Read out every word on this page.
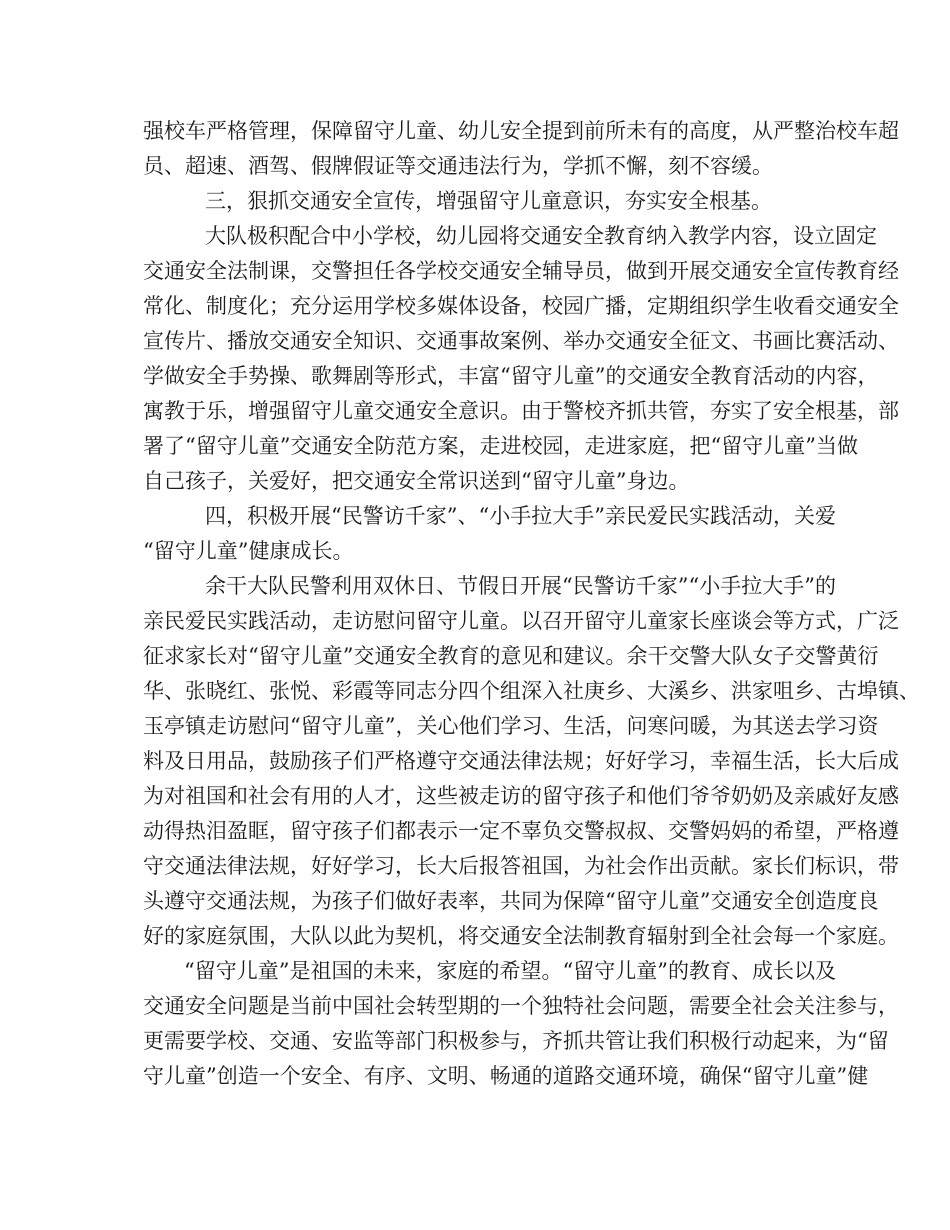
强校车严格管理，保障留守儿童、幼儿安全提到前所未有的高度，从严整治校车超
员、超速、酒驾、假牌假证等交通违法行为，学抓不懈，刻不容缓。
三，狠抓交通安全宣传，增强留守儿童意识，夯实安全根基。
大队极积配合中小学校，幼儿园将交通安全教育纳入教学内容，设立固定
交通安全法制课，交警担任各学校交通安全辅导员，做到开展交通安全宣传教育经
常化、制度化；充分运用学校多媒体设备，校园广播，定期组织学生收看交通安全
宣传片、播放交通安全知识、交通事故案例、举办交通安全征文、书画比赛活动、
学做安全手势操、歌舞剧等形式，丰富“留守儿童”的交通安全教育活动的内容，
寓教于乐，增强留守儿童交通安全意识。由于警校齐抓共管，夯实了安全根基，部
署了“留守儿童”交通安全防范方案，走进校园，走进家庭，把“留守儿童”当做
自己孩子，关爱好，把交通安全常识送到“留守儿童”身边。
四，积极开展“民警访千家”、“小手拉大手”亲民爱民实践活动，关爱
“留守儿童”健康成长。
余干大队民警利用双休日、节假日开展“民警访千家”“小手拉大手”的
亲民爱民实践活动，走访慰问留守儿童。以召开留守儿童家长座谈会等方式，广泛
征求家长对“留守儿童”交通安全教育的意见和建议。余干交警大队女子交警黄衍
华、张晓红、张悦、彩霞等同志分四个组深入社庚乡、大溪乡、洪家咀乡、古埠镇、
玉亭镇走访慰问“留守儿童”，关心他们学习、生活，问寒问暖，为其送去学习资
料及日用品，鼓励孩子们严格遵守交通法律法规；好好学习，幸福生活，长大后成
为对祖国和社会有用的人才，这些被走访的留守孩子和他们爷爷奶奶及亲戚好友感
动得热泪盈眶，留守孩子们都表示一定不辜负交警叔叔、交警妈妈的希望，严格遵
守交通法律法规，好好学习，长大后报答祖国，为社会作出贡献。家长们标识，带
头遵守交通法规，为孩子们做好表率，共同为保障“留守儿童”交通安全创造度良
好的家庭氛围，大队以此为契机，将交通安全法制教育辐射到全社会每一个家庭。
“留守儿童”是祖国的未来，家庭的希望。“留守儿童”的教育、成长以及
交通安全问题是当前中国社会转型期的一个独特社会问题，需要全社会关注参与，
更需要学校、交通、安监等部门积极参与，齐抓共管让我们积极行动起来，为“留
守儿童”创造一个安全、有序、文明、畅通的道路交通环境，确保“留守儿童”健
